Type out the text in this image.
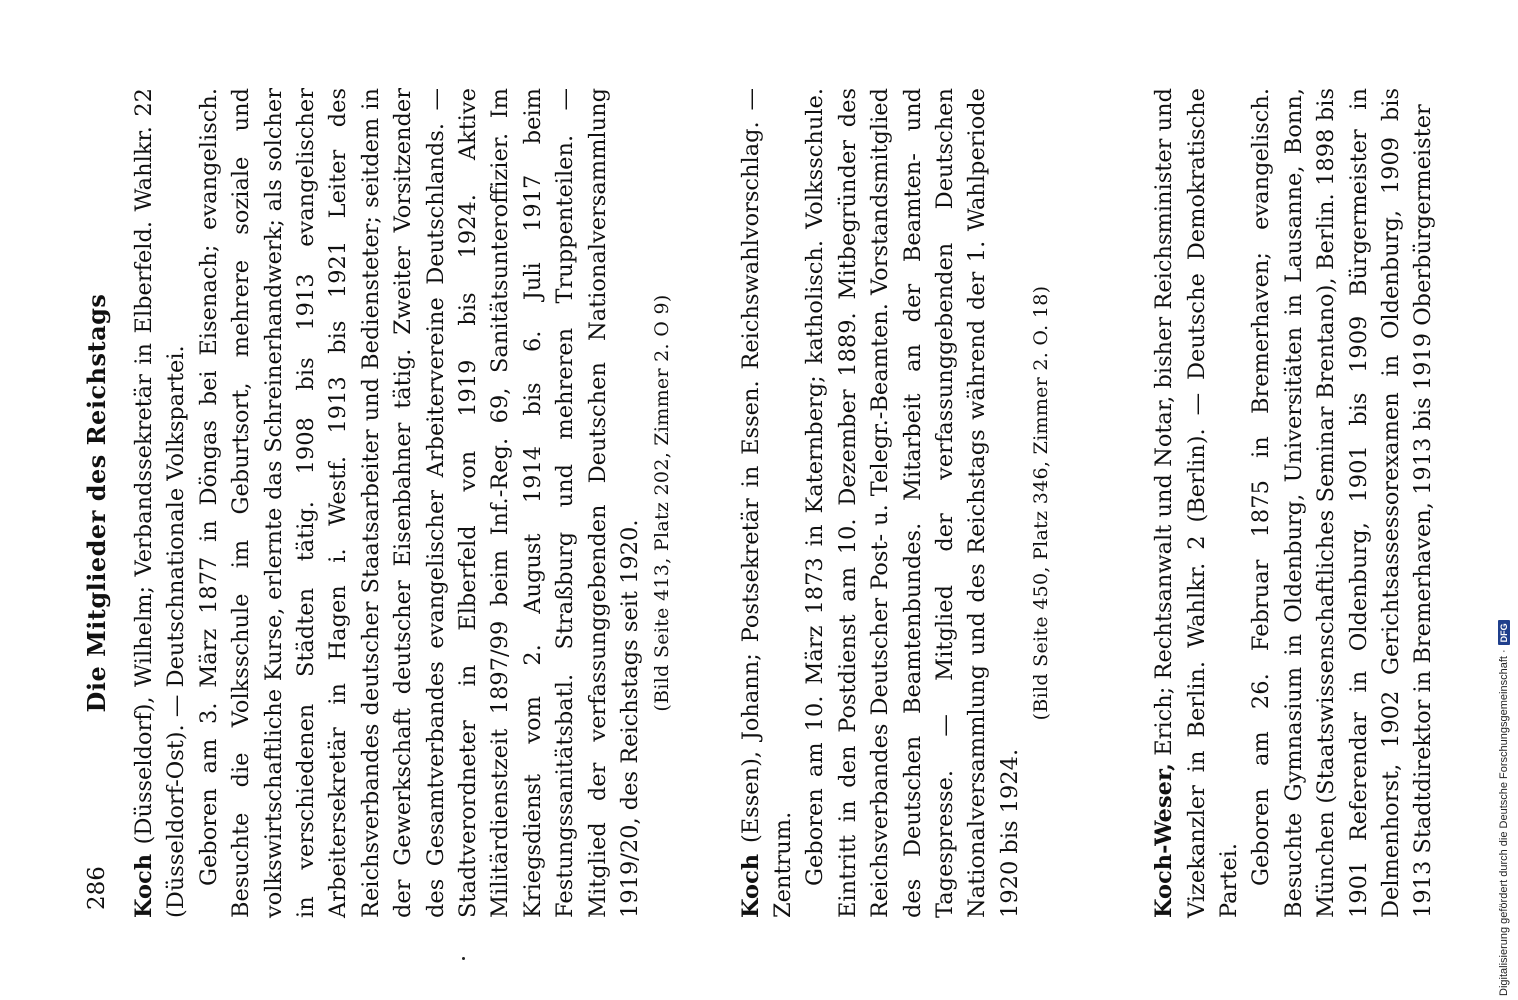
286
Die Mitglieder des Reichstags

Koch (Düsseldorf), Wilhelm; Verbandssekretär in Elberfeld. Wahlkr. 22 (Düsseldorf-Ost). — Deutschnationale Volkspartei. Geboren am 3. März 1877 in Döngas bei Eisenach; evangelisch. Besuchte die Volksschule im Geburtsort, mehrere soziale und volkswirtschaftliche Kurse, erlernte das Schreinerhandwerk; als solcher in verschiedenen Städten tätig. 1908 bis 1913 evangelischer Arbeitersekretär in Hagen i. Westf. 1913 bis 1921 Leiter des Reichsverbandes deutscher Staatsarbeiter und Bediensteter; seitdem in der Gewerkschaft deutscher Eisenbahner tätig. Zweiter Vorsitzender des Gesamtverbandes evangelischer Arbeitervereine Deutschlands. — Stadtverordneter in Elberfeld von 1919 bis 1924. Aktive Militärdienstzeit 1897/99 beim Inf.-Reg. 69, Sanitätsunteroffizier. Im Kriegsdienst vom 2. August 1914 bis 6. Juli 1917 beim Festungssanitätsbatl. Straßburg und mehreren Truppenteilen. — Mitglied der verfassunggebenden Deutschen Nationalversammlung 1919/20, des Reichstags seit 1920.

(Bild Seite 413, Platz 202, Zimmer 2. O 9)

Koch (Essen), Johann; Postsekretär in Essen. Reichswahlvorschlag. — Zentrum. Geboren am 10. März 1873 in Katernberg; katholisch. Volksschule. Eintritt in den Postdienst am 10. Dezember 1889. Mitbegründer des Reichsverbandes Deutscher Post- u. Telegr.-Beamten. Vorstandsmitglied des Deutschen Beamtenbundes. Mitarbeit an der Beamten- und Tagespresse. — Mitglied der verfassunggebenden Deutschen Nationalversammlung und des Reichstags während der 1. Wahlperiode 1920 bis 1924.

(Bild Seite 450, Platz 346, Zimmer 2. O. 18)

Koch-Weser, Erich; Rechtsanwalt und Notar, bisher Reichsminister und Vizekanzler in Berlin. Wahlkr. 2 (Berlin). — Deutsche Demokratische Partei. Geboren am 26. Februar 1875 in Bremerhaven; evangelisch. Besuchte Gymnasium in Oldenburg, Universitäten in Lausanne, Bonn, München (Staatswissenschaftliches Seminar Brentano), Berlin. 1898 bis 1901 Referendar in Oldenburg, 1901 bis 1909 Bürgermeister in Delmenhorst, 1902 Gerichtsassessorexamen in Oldenburg, 1909 bis 1913 Stadtdirektor in Bremerhaven, 1913 bis 1919 Oberbürgermeister	Digitalisierung gefördert durch die Deutsche Forschungsgemeinschaft ·
DFG
